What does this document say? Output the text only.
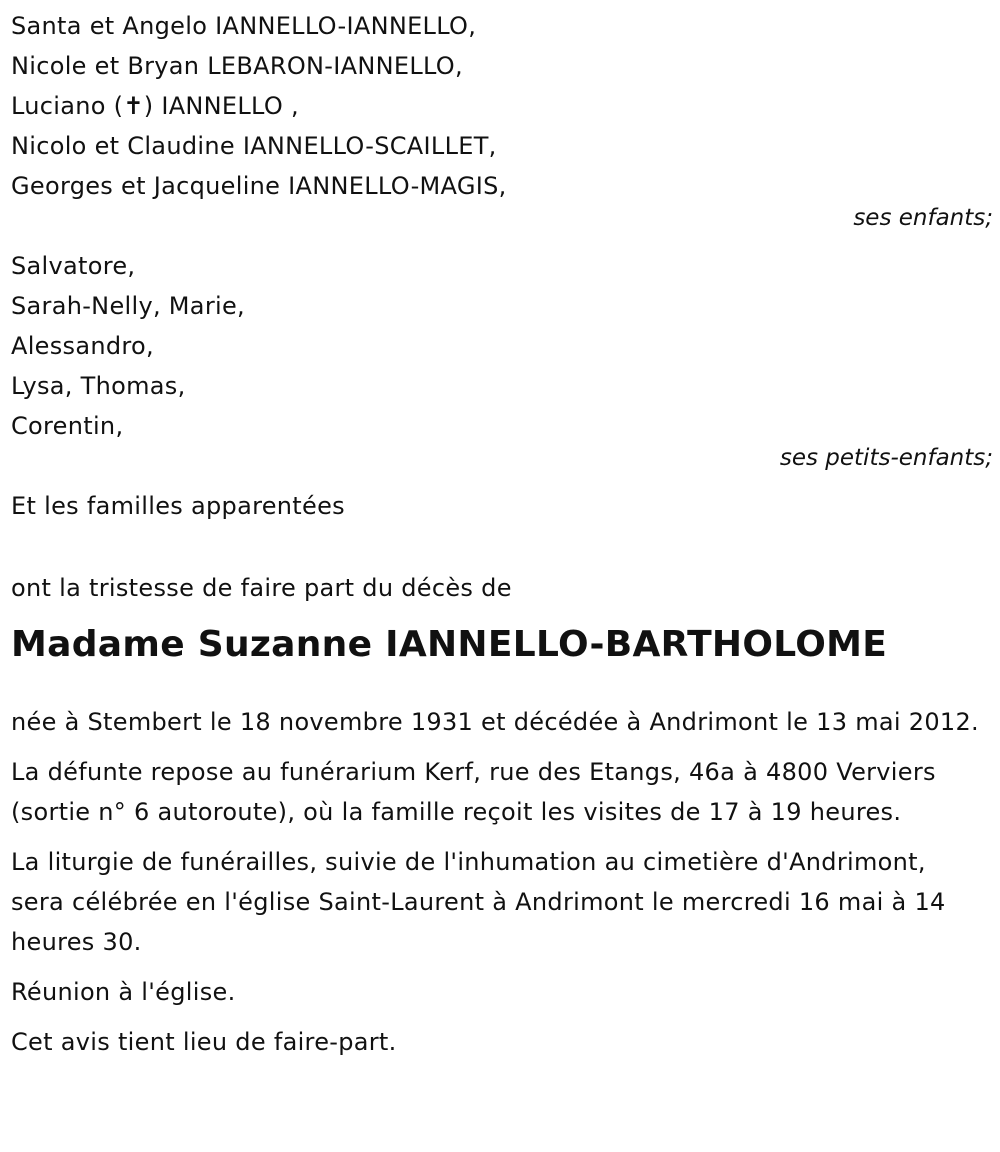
Santa et Angelo IANNELLO-IANNELLO,
Nicole et Bryan LEBARON-IANNELLO,
Luciano (✝) IANNELLO ,
Nicolo et Claudine IANNELLO-SCAILLET,
Georges et Jacqueline IANNELLO-MAGIS,
ses enfants;
Salvatore,
Sarah-Nelly, Marie,
Alessandro,
Lysa, Thomas,
Corentin,
ses petits-enfants;
Et les familles apparentées
ont la tristesse de faire part du décès de
Madame Suzanne IANNELLO-BARTHOLOME

née à Stembert le 18 novembre 1931 et décédée à Andrimont le 13 mai 2012.

La défunte repose au funérarium Kerf, rue des Etangs, 46a à 4800 Verviers (sortie n° 6 autoroute), où la famille reçoit les visites de 17 à 19 heures.

La liturgie de funérailles, suivie de l'inhumation au cimetière d'Andrimont, sera célébrée en l'église Saint-Laurent à Andrimont le mercredi 16 mai à 14 heures 30.

Réunion à l'église.

Cet avis tient lieu de faire-part.
